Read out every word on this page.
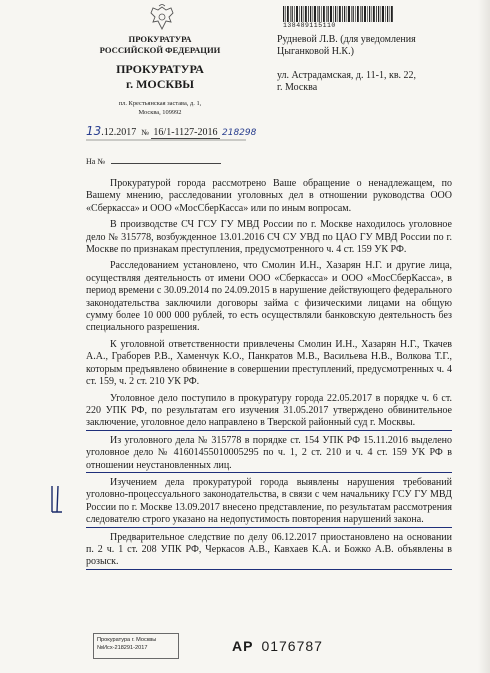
ПРОКУРАТУРА
РОССИЙСКОЙ ФЕДЕРАЦИИ
ПРОКУРАТУРА
г. МОСКВЫ
пл. Крестьянская застава, д. 1,
Москва, 109992
138489115110
Рудневой Л.В. (для уведомления
Цыганковой Н.К.)
ул. Астрадамская, д. 11-1, кв. 22,
г. Москва
13.12.2017 № 16/1-1127-2016 218298
На №

Прокуратурой города рассмотрено Ваше обращение о ненадлежащем, по Вашему мнению, расследовании уголовных дел в отношении руководства ООО «Сберкасса» и ООО «МосСберКасса» или по иным вопросам.

В производстве СЧ ГСУ ГУ МВД России по г. Москве находилось уголовное дело № 315778, возбужденное 13.01.2016 СЧ СУ УВД по ЦАО ГУ МВД России по г. Москве по признакам преступления, предусмотренного ч. 4 ст. 159 УК РФ.

Расследованием установлено, что Смолин И.Н., Хазарян Н.Г. и другие лица, осуществляя деятельность от имени ООО «Сберкасса» и ООО «МосСберКасса», в период времени с 30.09.2014 по 24.09.2015 в нарушение действующего федерального законодательства заключили договоры займа с физическими лицами на общую сумму более 10 000 000 рублей, то есть осуществляли банковскую деятельность без специального разрешения.

К уголовной ответственности привлечены Смолин И.Н., Хазарян Н.Г., Ткачев А.А., Граборев Р.В., Хаменчук К.О., Панкратов М.В., Васильева Н.В., Волкова Т.Г., которым предъявлено обвинение в совершении преступлений, предусмотренных ч. 4 ст. 159, ч. 2 ст. 210 УК РФ.

Уголовное дело поступило в прокуратуру города 22.05.2017 в порядке ч. 6 ст. 220 УПК РФ, по результатам его изучения 31.05.2017 утверждено обвинительное заключение, уголовное дело направлено в Тверской районный суд г. Москвы.

Из уголовного дела № 315778 в порядке ст. 154 УПК РФ 15.11.2016 выделено уголовное дело № 41601455010005295 по ч. 1, 2 ст. 210 и ч. 4 ст. 159 УК РФ в отношении неустановленных лиц.

Изучением дела прокуратурой города выявлены нарушения требований уголовно-процессуального законодательства, в связи с чем начальнику ГСУ ГУ МВД России по г. Москве 13.09.2017 внесено представление, по результатам рассмотрения следователю строго указано на недопустимость повторения нарушений закона.

Предварительное следствие по делу 06.12.2017 приостановлено на основании п. 2 ч. 1 ст. 208 УПК РФ, Черкасов А.В., Кавхаев К.А. и Божко А.В. объявлены в розыск.

Прокуратура г. Москвы
№Исх-218291-2017	АР 0176787
